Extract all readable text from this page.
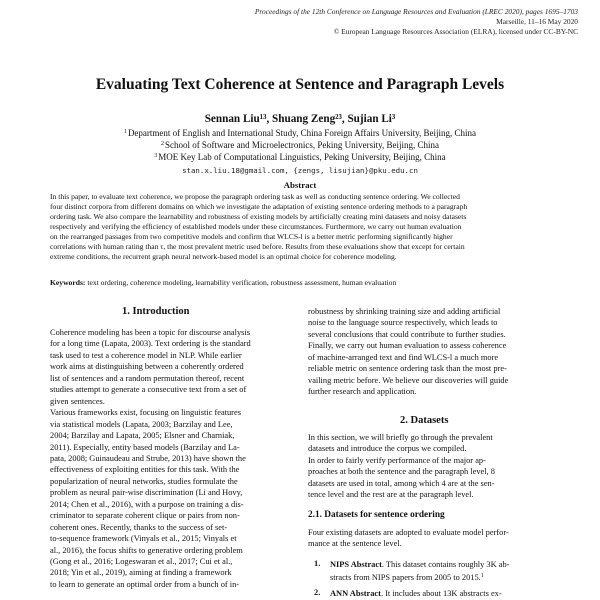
Proceedings of the 12th Conference on Language Resources and Evaluation (LREC 2020), pages 1695–1703
Marseille, 11–16 May 2020
© European Language Resources Association (ELRA), licensed under CC-BY-NC
Evaluating Text Coherence at Sentence and Paragraph Levels
Sennan Liu¹³, Shuang Zeng²³, Sujian Li³
$^1$Department of English and International Study, China Foreign Affairs University, Beijing, China
$^2$School of Software and Microelectronics, Peking University, Beijing, China
$^3$MOE Key Lab of Computational Linguistics, Peking University, Beijing, China
stan.x.liu.18@gmail.com, {zengs, lisujian}@pku.edu.cn
Abstract
In this paper, to evaluate text coherence, we propose the paragraph ordering task as well as conducting sentence ordering. We collected
four distinct corpora from different domains on which we investigate the adaptation of existing sentence ordering methods to a paragraph
ordering task. We also compare the learnability and robustness of existing models by artificially creating mini datasets and noisy datasets
respectively and verifying the efficiency of established models under these circumstances. Furthermore, we carry out human evaluation
on the rearranged passages from two competitive models and confirm that WLCS-l is a better metric performing significantly higher
correlations with human rating than τ, the most prevalent metric used before. Results from these evaluations show that except for certain
extreme conditions, the recurrent graph neural network-based model is an optimal choice for coherence modeling.
Keywords: text ordering, coherence modeling, learnability verification, robustness assessment, human evaluation
1. Introduction
Coherence modeling has been a topic for discourse analysis
for a long time (Lapata, 2003). Text ordering is the standard
task used to test a coherence model in NLP. While earlier
work aims at distinguishing between a coherently ordered
list of sentences and a random permutation thereof, recent
studies attempt to generate a consecutive text from a set of
given sentences.
Various frameworks exist, focusing on linguistic features
via statistical models (Lapata, 2003; Barzilay and Lee,
2004; Barzilay and Lapata, 2005; Elsner and Charniak,
2011). Especially, entity based models (Barzilay and La-
pata, 2008; Guinaudeau and Strube, 2013) have shown the
effectiveness of exploiting entities for this task. With the
popularization of neural networks, studies formulate the
problem as neural pair-wise discrimination (Li and Hovy,
2014; Chen et al., 2016), with a purpose on training a dis-
criminator to separate coherent clique or pairs from non-
coherent ones. Recently, thanks to the success of set-
to-sequence framework (Vinyals et al., 2015; Vinyals et
al., 2016), the focus shifts to generative ordering problem
(Gong et al., 2016; Logeswaran et al., 2017; Cui et al.,
2018; Yin et al., 2019), aiming at finding a framework
to learn to generate an optimal order from a bunch of in-
robustness by shrinking training size and adding artificial
noise to the language source respectively, which leads to
several conclusions that could contribute to further studies.
Finally, we carry out human evaluation to assess coherence
of machine-arranged text and find WLCS-l a much more
reliable metric on sentence ordering task than the most pre-
vailing metric before. We believe our discoveries will guide
further research and application.
In this section, we will briefly go through the prevalent
datasets and introduce the corpus we compiled.
In order to fairly verify performance of the major ap-
proaches at both the sentence and the paragraph level, 8
datasets are used in total, among which 4 are at the sen-
tence level and the rest are at the paragraph level.
Four existing datasets are adopted to evaluate model perfor-
mance at the sentence level.
2. Datasets
2.1. Datasets for sentence ordering
1. NIPS Abstract. This dataset contains roughly 3K ab-
stracts from NIPS papers from 2005 to 2015.$^1$
2. ANN Abstract. It includes about 13K abstracts ex-
